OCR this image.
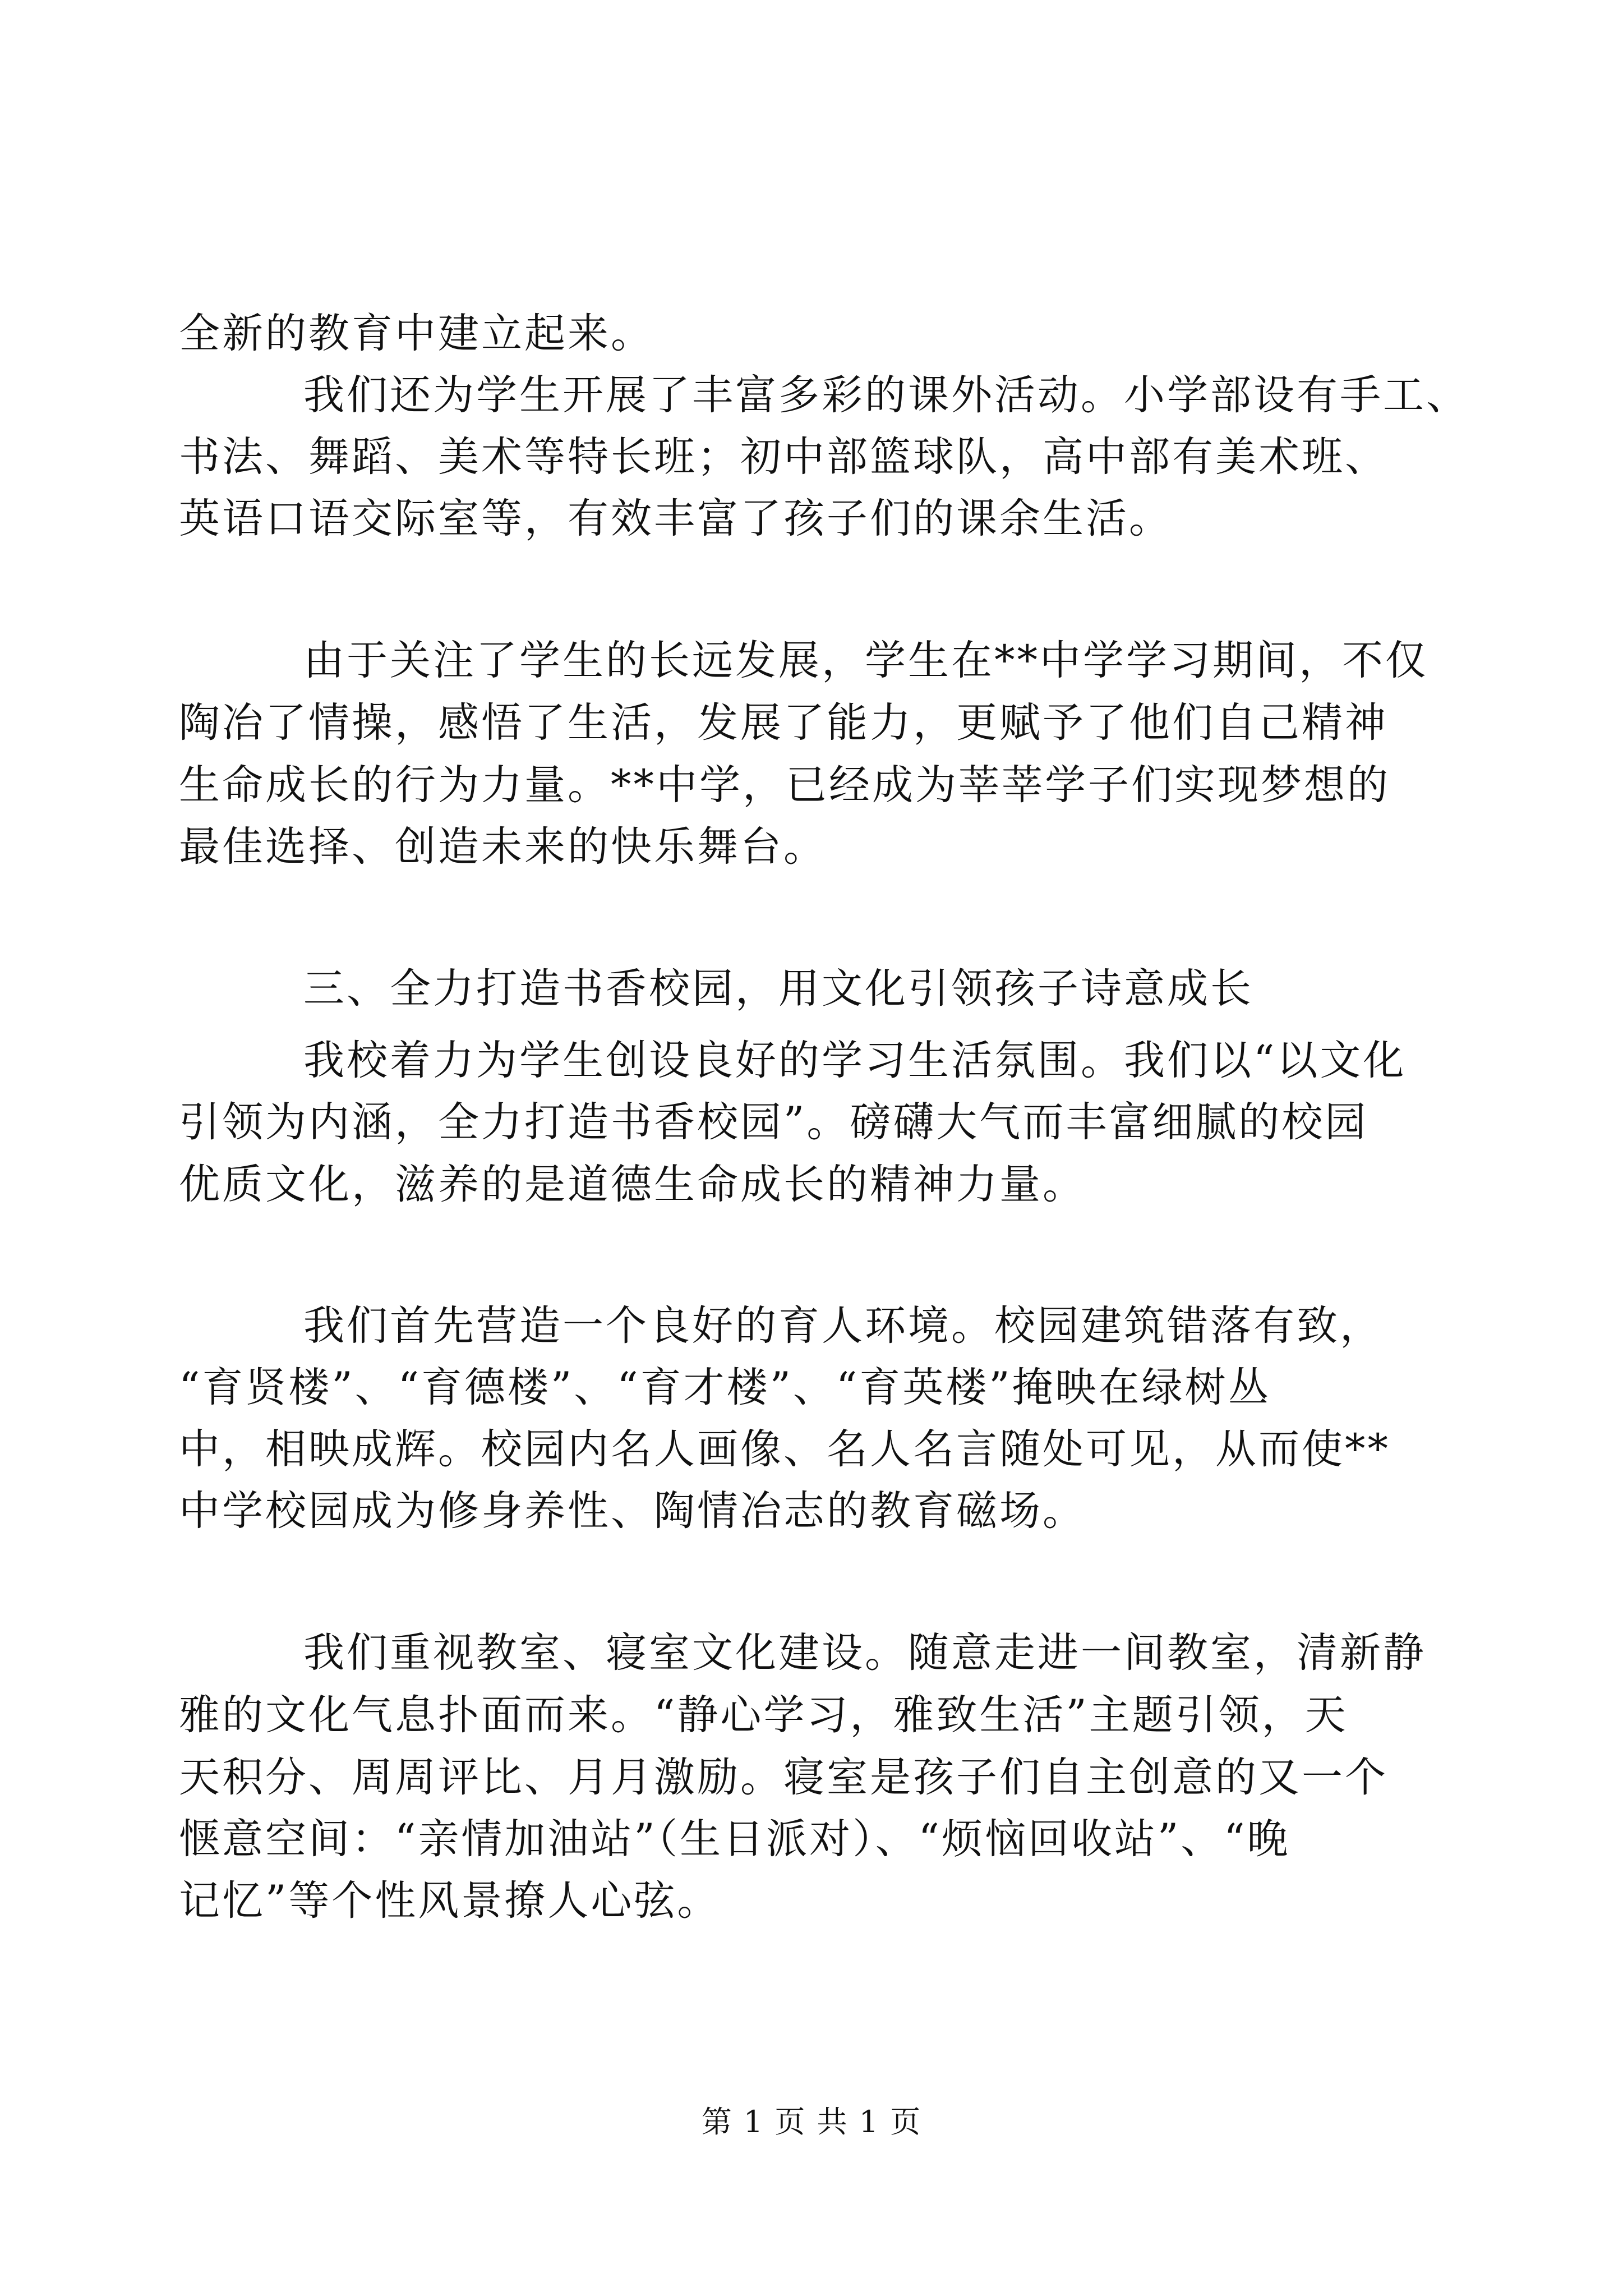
全新的教育中建立起来。
我们还为学生开展了丰富多彩的课外活动。小学部设有手工、
书法、舞蹈、美术等特长班；初中部篮球队，高中部有美术班、
英语口语交际室等，有效丰富了孩子们的课余生活。
由于关注了学生的长远发展，学生在**中学学习期间，不仅
陶冶了情操，感悟了生活，发展了能力，更赋予了他们自己精神
生命成长的行为力量。**中学，已经成为莘莘学子们实现梦想的
最佳选择、创造未来的快乐舞台。
三、全力打造书香校园，用文化引领孩子诗意成长
我校着力为学生创设良好的学习生活氛围。我们以“以文化
引领为内涵，全力打造书香校园”。磅礴大气而丰富细腻的校园
优质文化，滋养的是道德生命成长的精神力量。
我们首先营造一个良好的育人环境。校园建筑错落有致，
“育贤楼”、“育德楼”、“育才楼”、“育英楼”掩映在绿树丛
中，相映成辉。校园内名人画像、名人名言随处可见，从而使**
中学校园成为修身养性、陶情冶志的教育磁场。
我们重视教室、寝室文化建设。随意走进一间教室，清新静
雅的文化气息扑面而来。“静心学习，雅致生活”主题引领，天
天积分、周周评比、月月激励。寝室是孩子们自主创意的又一个
惬意空间：“亲情加油站”（生日派对）、“烦恼回收站”、“晚
记忆”等个性风景撩人心弦。
第 1 页 共 1 页
